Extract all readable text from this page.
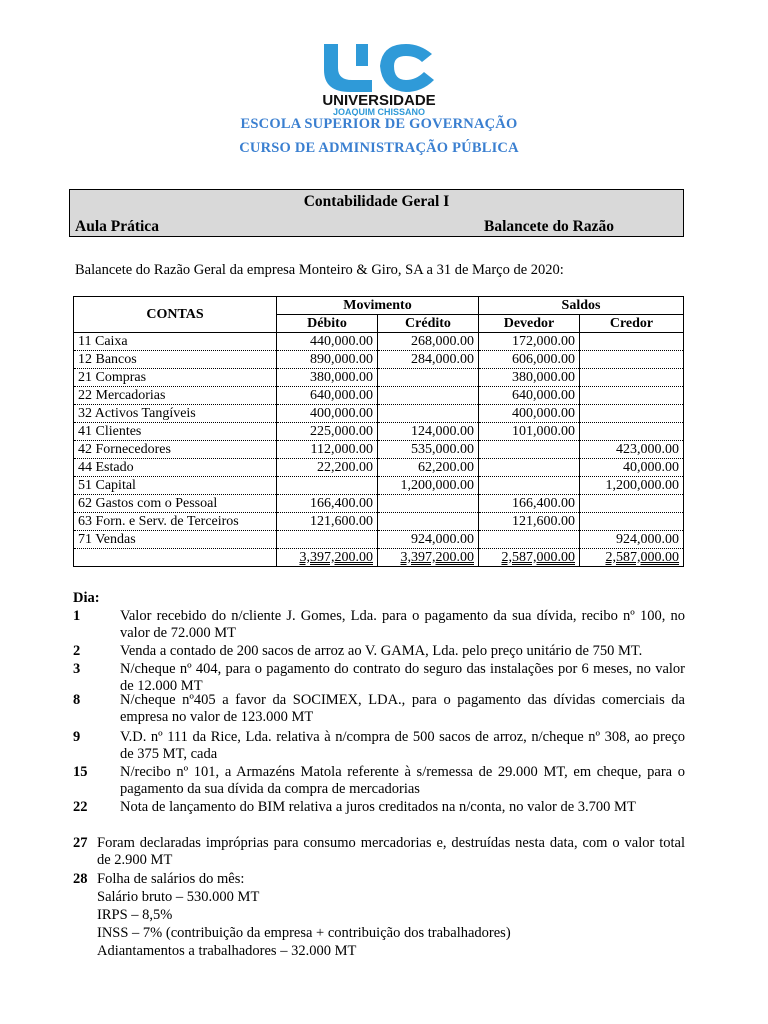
UNIVERSIDADE
JOAQUIM CHISSANO
ESCOLA SUPERIOR DE GOVERNAÇÃO
CURSO DE ADMINISTRAÇÃO PÚBLICA
Contabilidade Geral I
Aula Prática	Balancete do Razão
Balancete do Razão Geral da empresa Monteiro & Giro, SA a 31 de Março de 2020:
CONTAS	Movimento		Saldos	
	Débito	Crédito	Devedor	Credor
11 Caixa	440,000.00	268,000.00	172,000.00	
12 Bancos	890,000.00	284,000.00	606,000.00	
21 Compras	380,000.00		380,000.00	
22 Mercadorias	640,000.00		640,000.00	
32 Activos Tangíveis	400,000.00		400,000.00	
41 Clientes	225,000.00	124,000.00	101,000.00	
42 Fornecedores	112,000.00	535,000.00		423,000.00
44 Estado	22,200.00	62,200.00		40,000.00
51 Capital		1,200,000.00		1,200,000.00
62 Gastos com o Pessoal	166,400.00		166,400.00	
63 Forn. e Serv. de Terceiros	121,600.00		121,600.00	
71 Vendas		924,000.00		924,000.00
	3,397,200.00	3,397,200.00	2,587,000.00	2,587,000.00
Dia:
1	Valor recebido do n/cliente J. Gomes, Lda. para o pagamento da sua dívida, recibo nº 100, no valor de 72.000 MT
2	Venda a contado de 200 sacos de arroz ao V. GAMA, Lda. pelo preço unitário de 750 MT.
3	N/cheque nº 404, para o pagamento do contrato do seguro das instalações por 6 meses, no valor de 12.000 MT
8	N/cheque nº405 a favor da SOCIMEX, LDA., para o pagamento das dívidas comerciais da empresa no valor de 123.000 MT
9	V.D. nº 111 da Rice, Lda. relativa à n/compra de 500 sacos de arroz, n/cheque nº 308, ao preço de 375 MT, cada
15 N/recibo nº 101, a Armazéns Matola referente à s/remessa de 29.000 MT, em cheque, para o pagamento da sua dívida da compra de mercadorias
22 Nota de lançamento do BIM relativa a juros creditados na n/conta, no valor de 3.700 MT
27 Foram declaradas impróprias para consumo mercadorias e, destruídas nesta data, com o valor total de 2.900 MT
28 Folha de salários do mês:
Salário bruto – 530.000 MT
IRPS – 8,5%
INSS – 7% (contribuição da empresa + contribuição dos trabalhadores)
Adiantamentos a trabalhadores – 32.000 MT
